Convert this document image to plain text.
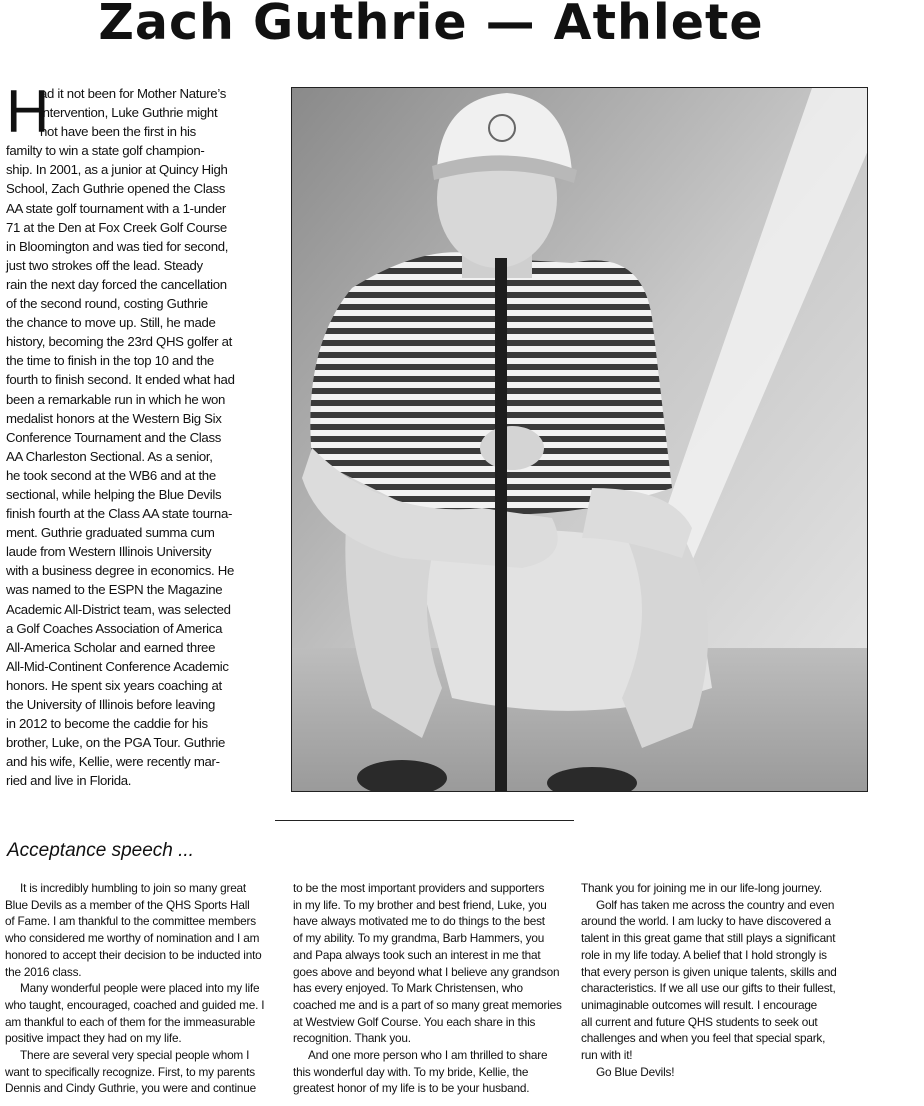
Zach Guthrie — Athlete
H
ad it not been for Mother Nature’s
intervention, Luke Guthrie might
not have been the first in his
familty to win a state golf champion-
ship. In 2001, as a junior at Quincy High
School, Zach Guthrie opened the Class
AA state golf tournament with a 1-under
71 at the Den at Fox Creek Golf Course
in Bloomington and was tied for second,
just two strokes off the lead. Steady
rain the next day forced the cancellation
of the second round, costing Guthrie
the chance to move up. Still, he made
history, becoming the 23rd QHS golfer at
the time to finish in the top 10 and the
fourth to finish second. It ended what had
been a remarkable run in which he won
medalist honors at the Western Big Six
Conference Tournament and the Class
AA Charleston Sectional. As a senior,
he took second at the WB6 and at the
sectional, while helping the Blue Devils
finish fourth at the Class AA state tourna-
ment. Guthrie graduated summa cum
laude from Western Illinois University
with a business degree in economics. He
was named to the ESPN the Magazine
Academic All-District team, was selected
a Golf Coaches Association of America
All-America Scholar and earned three
All-Mid-Continent Conference Academic
honors. He spent six years coaching at
the University of Illinois before leaving
in 2012 to become the caddie for his
brother, Luke, on the PGA Tour. Guthrie
and his wife, Kellie, were recently mar-
ried and live in Florida.
Acceptance speech ...
It is incredibly humbling to join so many great
Blue Devils as a member of the QHS Sports Hall
of Fame. I am thankful to the committee members
who considered me worthy of nomination and I am
honored to accept their decision to be inducted into
the 2016 class.
Many wonderful people were placed into my life
who taught, encouraged, coached and guided me. I
am thankful to each of them for the immeasurable
positive impact they had on my life.
There are several very special people whom I
want to specifically recognize. First, to my parents
Dennis and Cindy Guthrie, you were and continue
to be the most important providers and supporters
in my life. To my brother and best friend, Luke, you
have always motivated me to do things to the best
of my ability. To my grandma, Barb Hammers, you
and Papa always took such an interest in me that
goes above and beyond what I believe any grandson
has every enjoyed. To Mark Christensen, who
coached me and is a part of so many great memories
at Westview Golf Course. You each share in this
recognition. Thank you.
And one more person who I am thrilled to share
this wonderful day with. To my bride, Kellie, the
greatest honor of my life is to be your husband.
Thank you for joining me in our life-long journey.
Golf has taken me across the country and even
around the world. I am lucky to have discovered a
talent in this great game that still plays a significant
role in my life today. A belief that I hold strongly is
that every person is given unique talents, skills and
characteristics. If we all use our gifts to their fullest,
unimaginable outcomes will result. I encourage
all current and future QHS students to seek out
challenges and when you feel that special spark,
run with it!
Go Blue Devils!
